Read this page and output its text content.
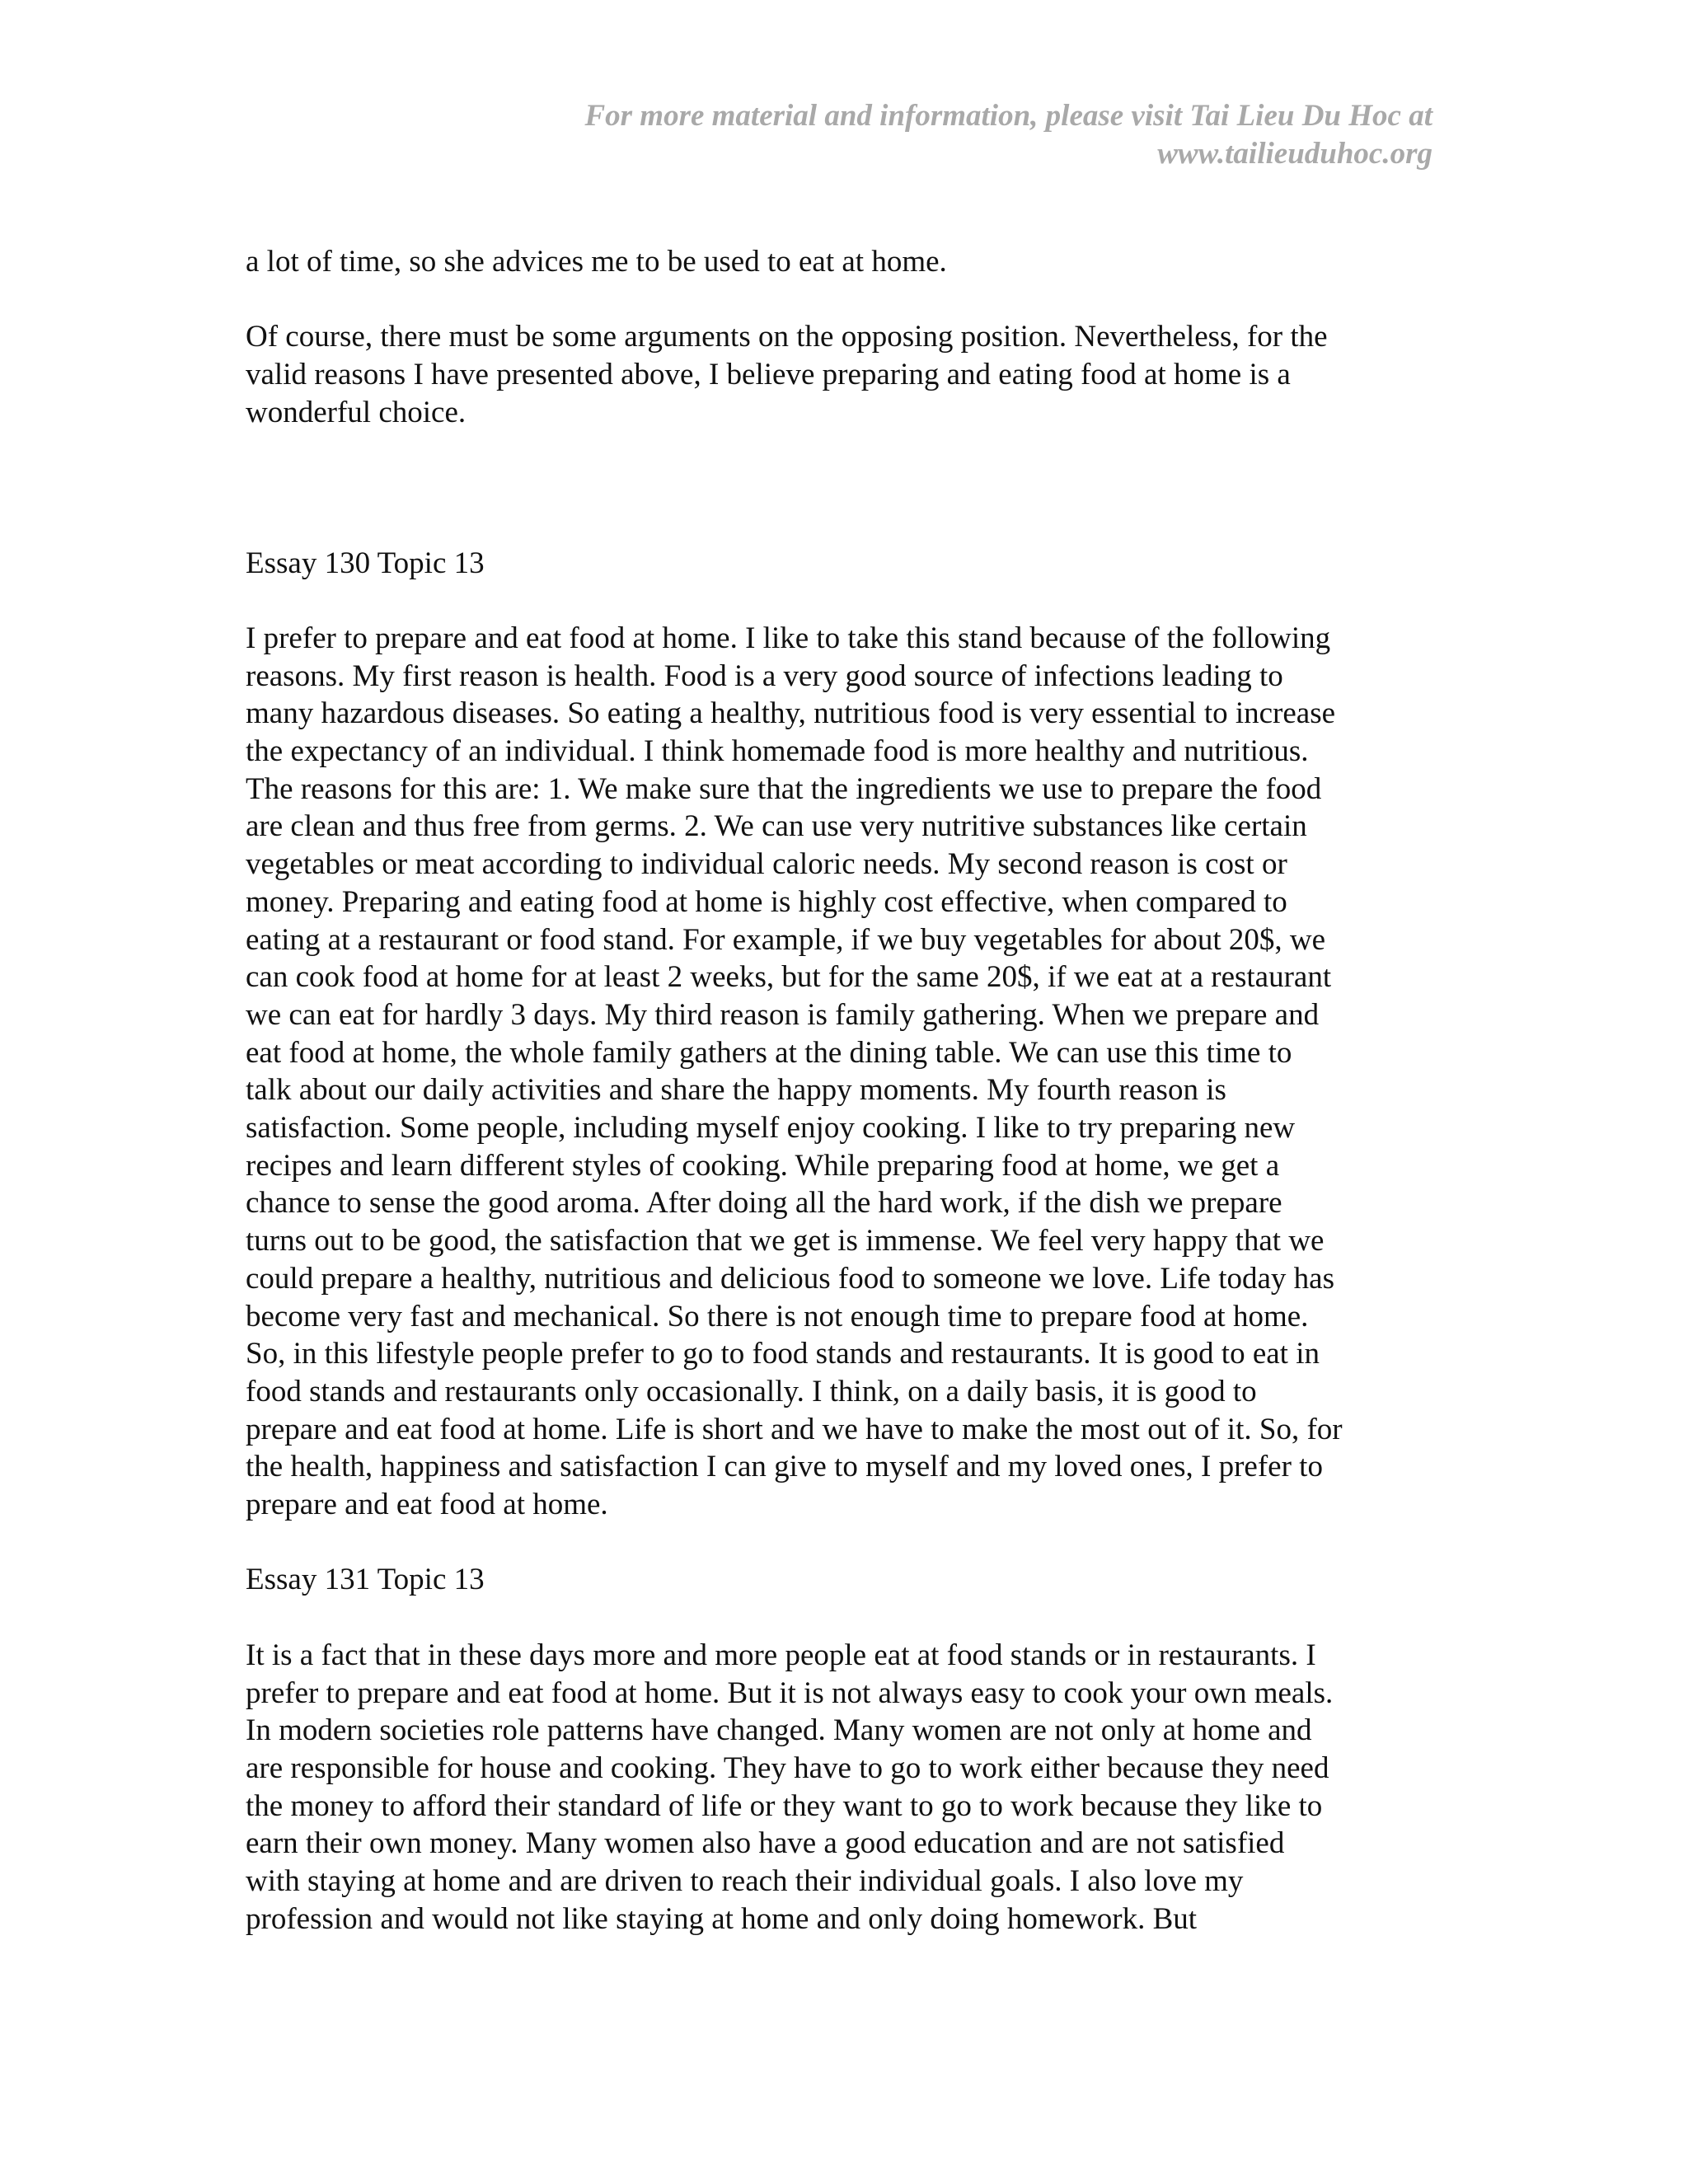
For more material and information, please visit Tai Lieu Du Hoc at
www.tailieuduhoc.org

a lot of time, so she advices me to be used to eat at home.

Of course, there must be some arguments on the opposing position. Nevertheless, for the
valid reasons I have presented above, I believe preparing and eating food at home is a
wonderful choice.

Essay 130 Topic 13

I prefer to prepare and eat food at home. I like to take this stand because of the following
reasons. My first reason is health. Food is a very good source of infections leading to
many hazardous diseases. So eating a healthy, nutritious food is very essential to increase
the expectancy of an individual. I think homemade food is more healthy and nutritious.
The reasons for this are: 1. We make sure that the ingredients we use to prepare the food
are clean and thus free from germs. 2. We can use very nutritive substances like certain
vegetables or meat according to individual caloric needs. My second reason is cost or
money. Preparing and eating food at home is highly cost effective, when compared to
eating at a restaurant or food stand. For example, if we buy vegetables for about 20$, we
can cook food at home for at least 2 weeks, but for the same 20$, if we eat at a restaurant
we can eat for hardly 3 days. My third reason is family gathering. When we prepare and
eat food at home, the whole family gathers at the dining table. We can use this time to
talk about our daily activities and share the happy moments. My fourth reason is
satisfaction. Some people, including myself enjoy cooking. I like to try preparing new
recipes and learn different styles of cooking. While preparing food at home, we get a
chance to sense the good aroma. After doing all the hard work, if the dish we prepare
turns out to be good, the satisfaction that we get is immense. We feel very happy that we
could prepare a healthy, nutritious and delicious food to someone we love. Life today has
become very fast and mechanical. So there is not enough time to prepare food at home.
So, in this lifestyle people prefer to go to food stands and restaurants. It is good to eat in
food stands and restaurants only occasionally. I think, on a daily basis, it is good to
prepare and eat food at home. Life is short and we have to make the most out of it. So, for
the health, happiness and satisfaction I can give to myself and my loved ones, I prefer to
prepare and eat food at home.

Essay 131 Topic 13

It is a fact that in these days more and more people eat at food stands or in restaurants. I
prefer to prepare and eat food at home. But it is not always easy to cook your own meals.
In modern societies role patterns have changed. Many women are not only at home and
are responsible for house and cooking. They have to go to work either because they need
the money to afford their standard of life or they want to go to work because they like to
earn their own money. Many women also have a good education and are not satisfied
with staying at home and are driven to reach their individual goals. I also love my
profession and would not like staying at home and only doing homework. But
